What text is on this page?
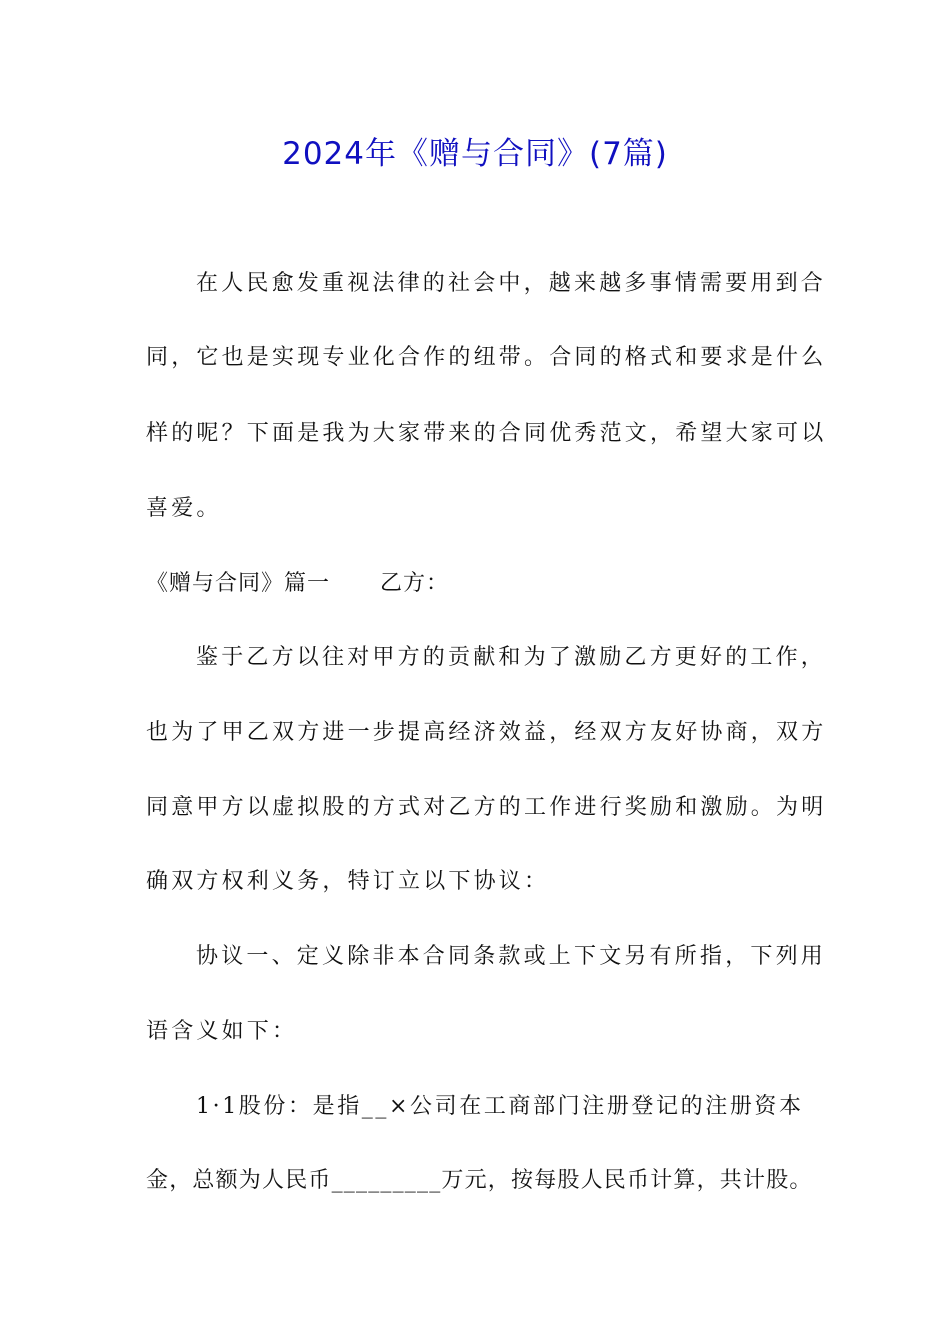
2024年《赠与合同》(7篇)
在人民愈发重视法律的社会中，越来越多事情需要用到合
同，它也是实现专业化合作的纽带。合同的格式和要求是什么
样的呢？下面是我为大家带来的合同优秀范文，希望大家可以
喜爱。
《赠与合同》篇一 乙方：
鉴于乙方以往对甲方的贡献和为了激励乙方更好的工作，
也为了甲乙双方进一步提高经济效益，经双方友好协商，双方
同意甲方以虚拟股的方式对乙方的工作进行奖励和激励。为明
确双方权利义务，特订立以下协议：
协议一、定义除非本合同条款或上下文另有所指，下列用
语含义如下：
1·1股份：是指__×公司在工商部门注册登记的注册资本
金，总额为人民币_________万元，按每股人民币计算，共计股。
